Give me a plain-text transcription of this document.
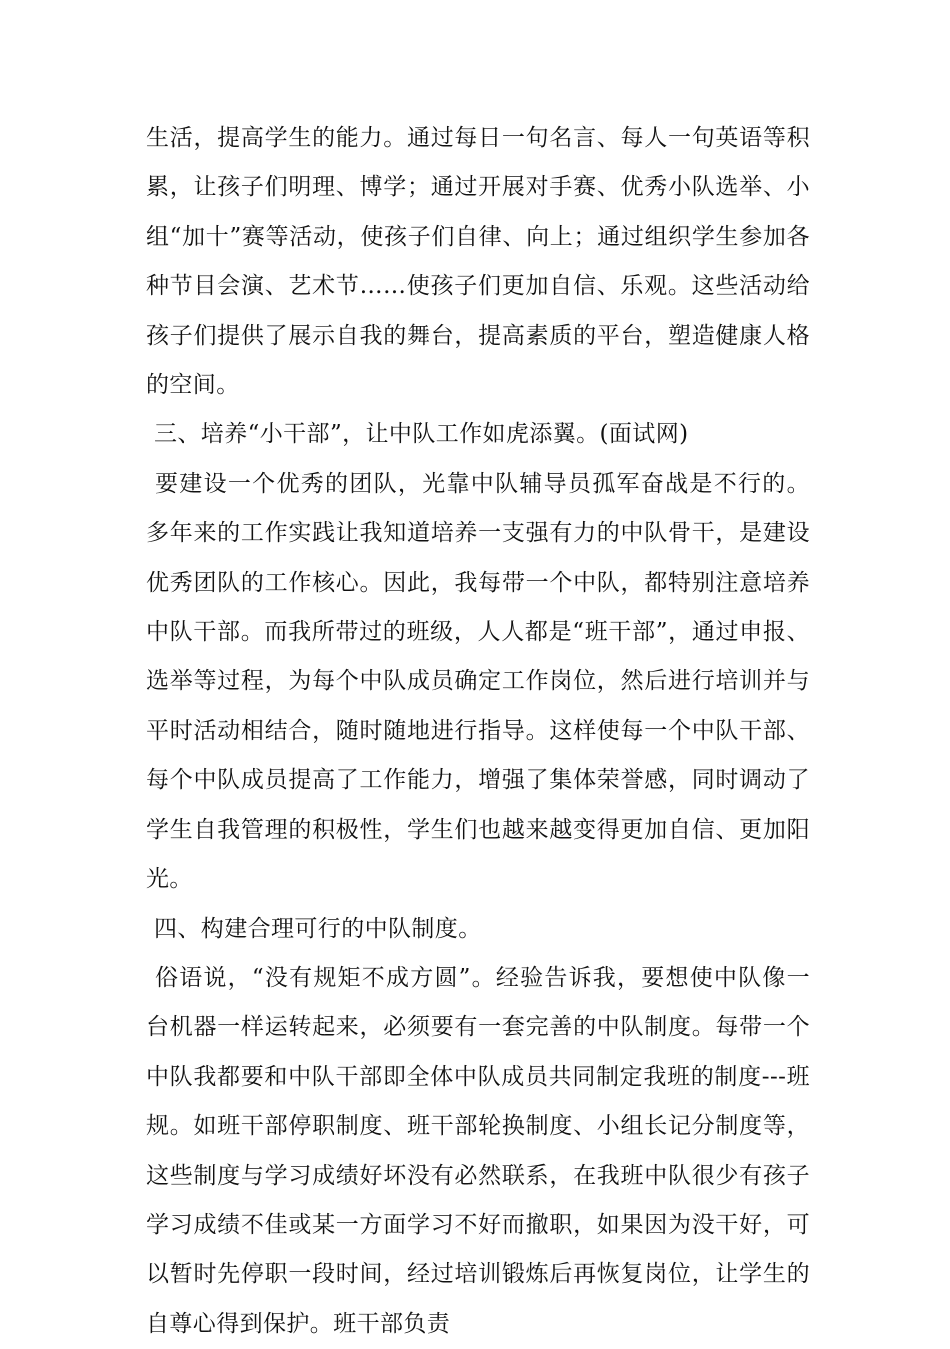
生活，提高学生的能力。通过每日一句名言、每人一句英语等积累，让孩子们明理、博学；通过开展对手赛、优秀小队选举、小组“加十”赛等活动，使孩子们自律、向上；通过组织学生参加各种节目会演、艺术节……使孩子们更加自信、乐观。这些活动给孩子们提供了展示自我的舞台，提高素质的平台，塑造健康人格的空间。

三、培养“小干部”，让中队工作如虎添翼。(面试网)

要建设一个优秀的团队，光靠中队辅导员孤军奋战是不行的。多年来的工作实践让我知道培养一支强有力的中队骨干，是建设优秀团队的工作核心。因此，我每带一个中队，都特别注意培养中队干部。而我所带过的班级，人人都是“班干部”，通过申报、选举等过程，为每个中队成员确定工作岗位，然后进行培训并与平时活动相结合，随时随地进行指导。这样使每一个中队干部、每个中队成员提高了工作能力，增强了集体荣誉感，同时调动了学生自我管理的积极性，学生们也越来越变得更加自信、更加阳光。

四、构建合理可行的中队制度。

俗语说，“没有规矩不成方圆”。经验告诉我，要想使中队像一台机器一样运转起来，必须要有一套完善的中队制度。每带一个中队我都要和中队干部即全体中队成员共同制定我班的制度---班规。如班干部停职制度、班干部轮换制度、小组长记分制度等，这些制度与学习成绩好坏没有必然联系，在我班中队很少有孩子学习成绩不佳或某一方面学习不好而撤职，如果因为没干好，可以暂时先停职一段时间，经过培训锻炼后再恢复岗位，让学生的自尊心得到保护。班干部负责
